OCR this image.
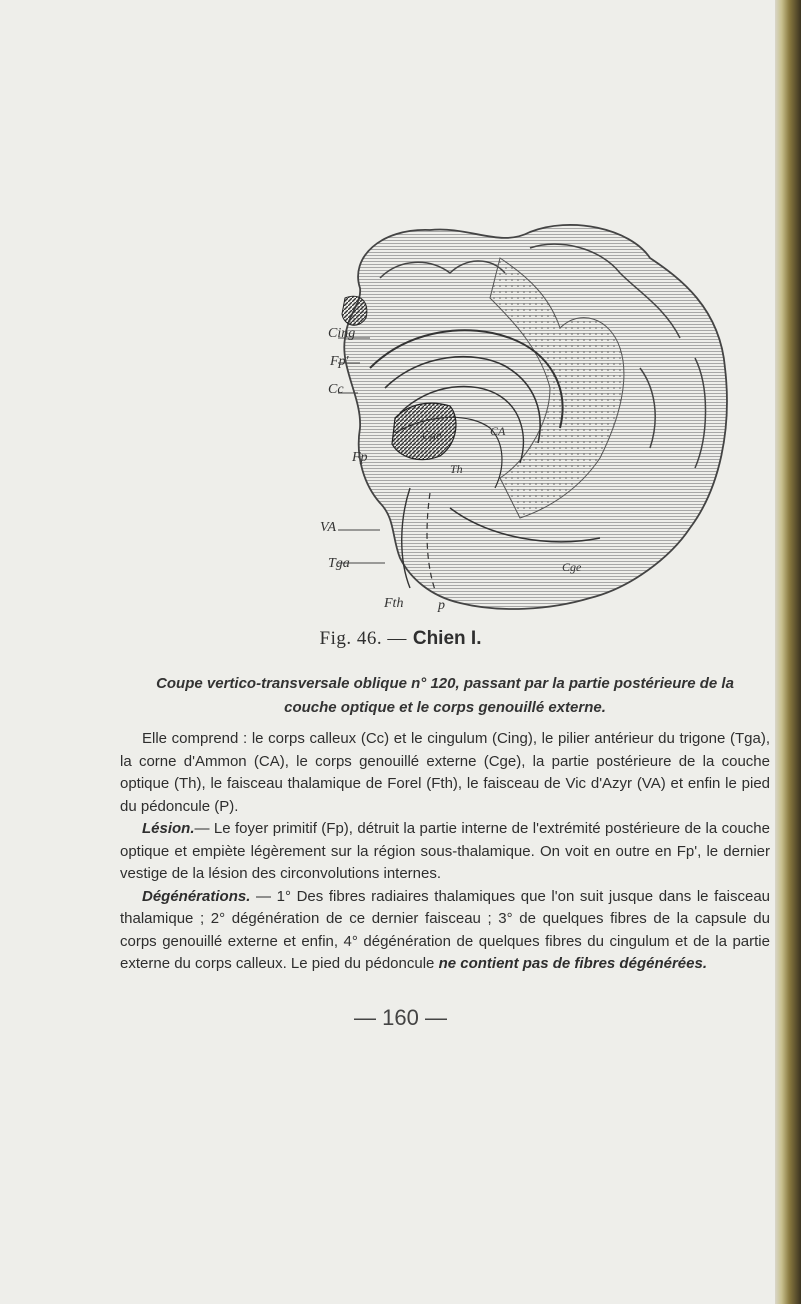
Cing
Fp'
Cc
Fp
VA
Tga
Fth p
Cge	CA
Th
Cge
Fig. 46. — Chien I.
Coupe vertico-transversale oblique n° 120, passant par la partie postérieure de la
couche optique et le corps genouillé externe.

Elle comprend : le corps calleux (Cc) et le cingulum (Cing), le pilier antérieur du trigone (Tga), la corne d'Ammon (CA), le corps genouillé externe (Cge), la partie postérieure de la couche optique (Th), le faisceau thalamique de Forel (Fth), le faisceau de Vic d'Azyr (VA) et enfin le pied du pédoncule (P).

Lésion.— Le foyer primitif (Fp), détruit la partie interne de l'extrémité postérieure de la couche optique et empiète légèrement sur la région sous-thalamique. On voit en outre en Fp', le dernier vestige de la lésion des circonvolutions internes.

Dégénérations. — 1° Des fibres radiaires thalamiques que l'on suit jusque dans le faisceau thalamique ; 2° dégénération de ce dernier faisceau ; 3° de quelques fibres de la capsule du corps genouillé externe et enfin, 4° dégénération de quelques fibres du cingulum et de la partie externe du corps calleux. Le pied du pédoncule ne contient pas de fibres dégénérées.

— 160 —
